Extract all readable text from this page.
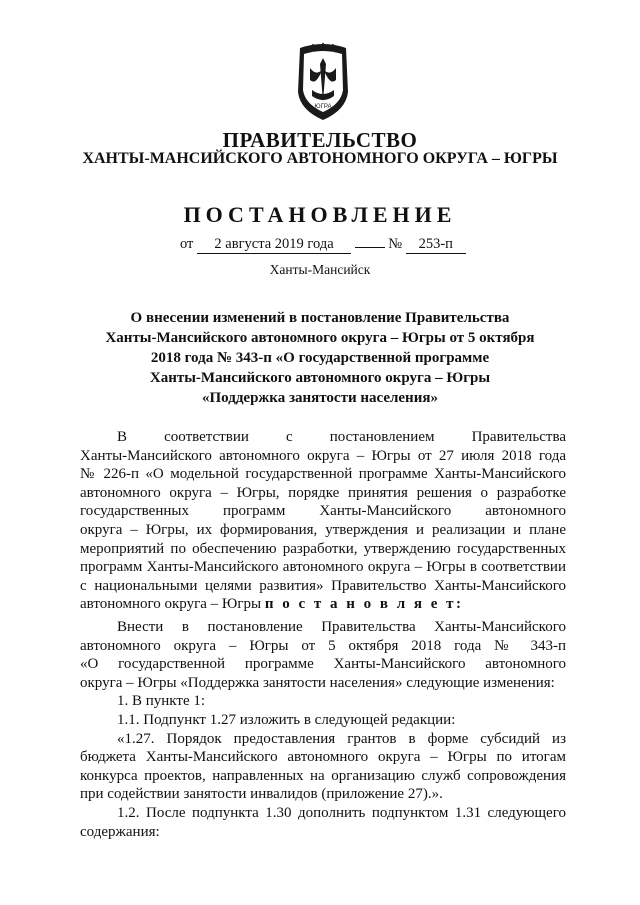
ЮГРА
ПРАВИТЕЛЬСТВО
ХАНТЫ-МАНСИЙСКОГО АВТОНОМНОГО ОКРУГА – ЮГРЫ
ПОСТАНОВЛЕНИЕ
от 2 августа 2019 года	№ 253-п
Ханты-Мансийск
О внесении изменений в постановление Правительства
Ханты-Мансийского автономного округа – Югры от 5 октября
2018 года № 343-п «О государственной программе
Ханты-Мансийского автономного округа – Югры
«Поддержка занятости населения»
В соответствии с постановлением Правительства
Ханты-Мансийского автономного округа – Югры от 27 июля 2018 года
№ 226-п «О модельной государственной программе Ханты-Мансийского
автономного округа – Югры, порядке принятия решения о разработке
государственных программ Ханты-Мансийского автономного
округа – Югры, их формирования, утверждения и реализации и плане
мероприятий по обеспечению разработки, утверждению государственных
программ Ханты-Мансийского автономного округа – Югры в соответствии
с национальными целями развития» Правительство Ханты-Мансийского
автономного округа – Югры п о с т а н о в л я е т:
Внести в постановление Правительства Ханты-Мансийского
автономного округа – Югры от 5 октября 2018 года № 343-п
«О государственной программе Ханты-Мансийского автономного
округа – Югры «Поддержка занятости населения» следующие изменения:
1. В пункте 1:
1.1. Подпункт 1.27 изложить в следующей редакции:
«1.27. Порядок предоставления грантов в форме субсидий из
бюджета Ханты-Мансийского автономного округа – Югры по итогам
конкурса проектов, направленных на организацию служб сопровождения
при содействии занятости инвалидов (приложение 27).».
1.2. После подпункта 1.30 дополнить подпунктом 1.31 следующего
содержания:
